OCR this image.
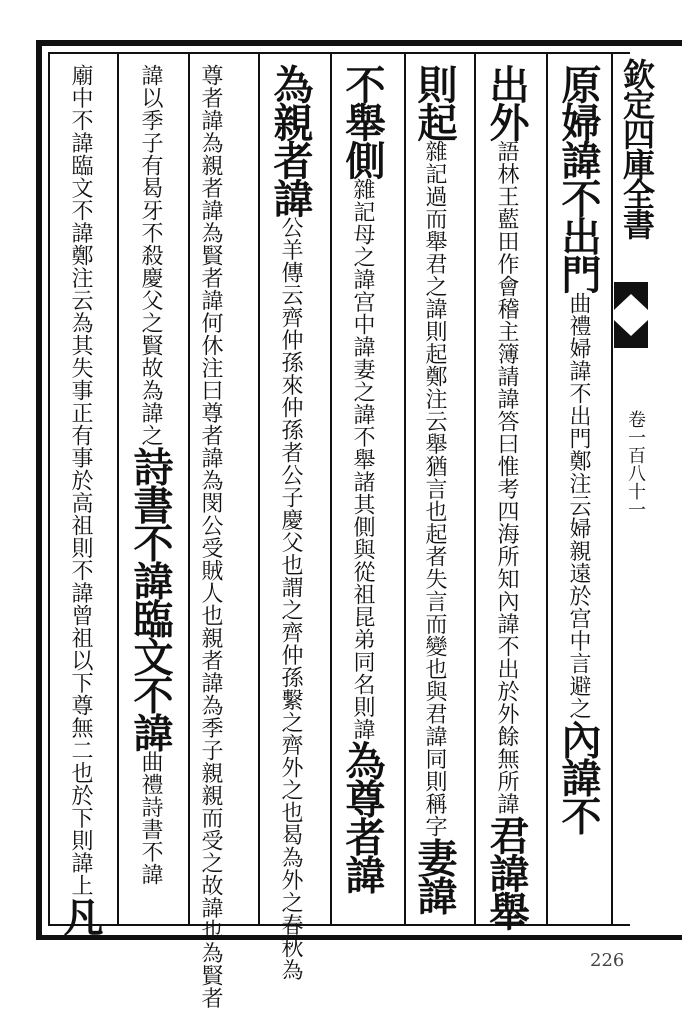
欽定四庫全書
卷一百八十一
原婦諱不出門曲禮婦諱不出門鄭注云婦親遠於宫中言避之內諱不
出外語林王藍田作會稽主簿請諱答曰惟考四海所知內諱不出於外餘無所諱君諱舉
則起雜記過而舉君之諱則起鄭注云舉猶言也起者失言而變也與君諱同則稱字妻諱
不舉側雜記母之諱宫中諱妻之諱不舉諸其側與從祖昆弟同名則諱為尊者諱
為親者諱公羊傳云齊仲孫來仲孫者公子慶父也謂之齊仲孫繫之齊外之也曷為外之春秋為
尊者諱為親者諱為賢者諱何休注曰尊者諱為閔公受賊人也親者諱為季子親親而受之故諱也為賢者
諱以季子有曷牙不殺慶父之賢故為諱之詩書不諱臨文不諱曲禮詩書不諱
廟中不諱臨文不諱鄭注云為其失事正有事於高祖則不諱曾祖以下尊無二也於下則諱上凡
226
